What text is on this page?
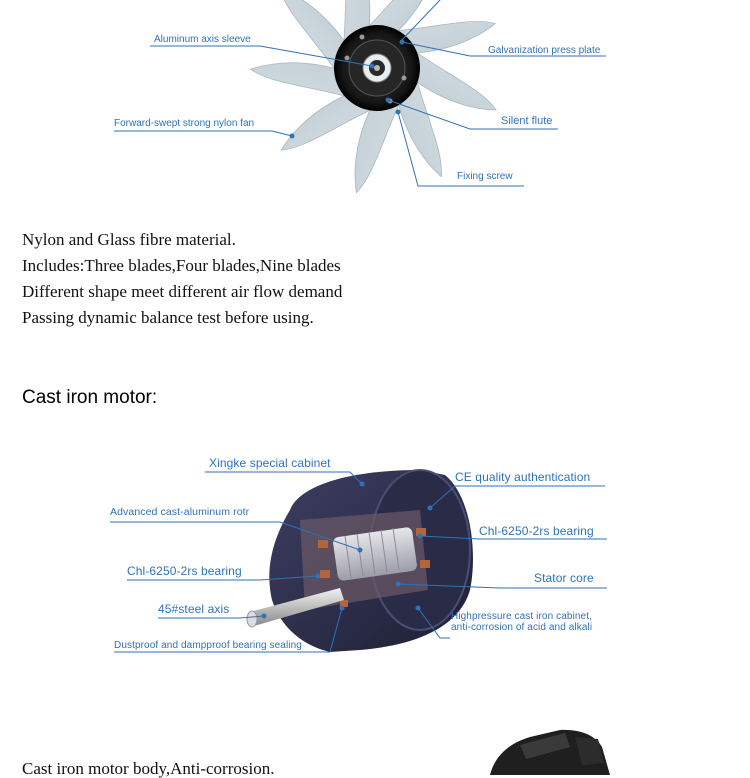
Aluminum axis sleeve
Galvanization press plate
Forward-swept strong nylon fan	Silent flute
Fixing screw
Nylon and Glass fibre material.
Includes:Three blades,Four blades,Nine blades
Different shape meet different air flow demand
Passing dynamic balance test before using.
Cast iron motor:
Xingke special cabinet
CE quality authentication
Advanced cast-aluminum rotr
Chl-6250-2rs bearing
Chl-6250-2rs bearing	Stator core
45#steel axis
Highpressure cast iron cabinet,
anti-corrosion of acid and alkali
Dustproof and dampproof bearing sealing
Cast iron motor body,Anti-corrosion.
